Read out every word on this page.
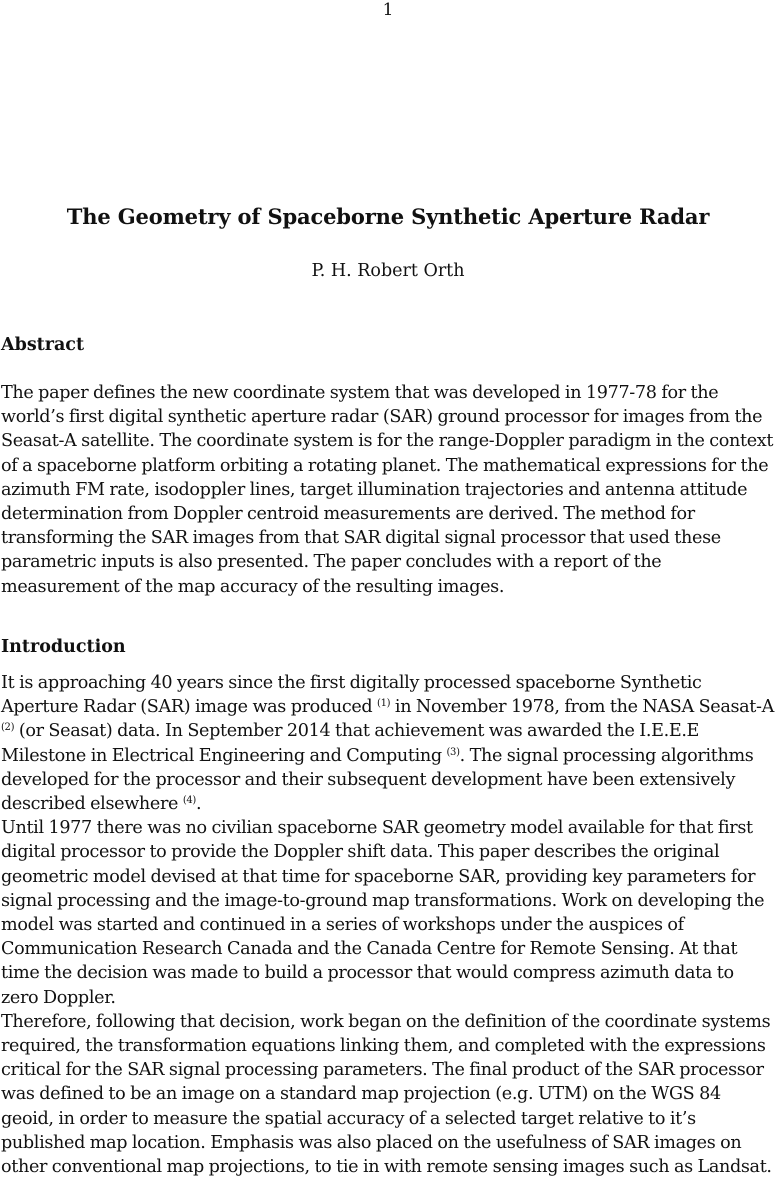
1
The Geometry of Spaceborne Synthetic Aperture Radar
P. H. Robert Orth
Abstract

The paper defines the new coordinate system that was developed in 1977-78 for the world’s first digital synthetic aperture radar (SAR) ground processor for images from the Seasat-A satellite. The coordinate system is for the range-Doppler paradigm in the context of a spaceborne platform orbiting a rotating planet. The mathematical expressions for the azimuth FM rate, isodoppler lines, target illumination trajectories and antenna attitude determination from Doppler centroid measurements are derived. The method for transforming the SAR images from that SAR digital signal processor that used these parametric inputs is also presented. The paper concludes with a report of the measurement of the map accuracy of the resulting images.

Introduction

It is approaching 40 years since the first digitally processed spaceborne Synthetic Aperture Radar (SAR) image was produced $^{(1)}$ in November 1978, from the NASA Seasat-A $^{(2)}$ (or Seasat) data. In September 2014 that achievement was awarded the I.E.E.E Milestone in Electrical Engineering and Computing $^{(3)}$. The signal processing algorithms developed for the processor and their subsequent development have been extensively described elsewhere $^{(4)}$.

Until 1977 there was no civilian spaceborne SAR geometry model available for that first digital processor to provide the Doppler shift data. This paper describes the original geometric model devised at that time for spaceborne SAR, providing key parameters for signal processing and the image-to-ground map transformations. Work on developing the model was started and continued in a series of workshops under the auspices of Communication Research Canada and the Canada Centre for Remote Sensing. At that time the decision was made to build a processor that would compress azimuth data to zero Doppler.

Therefore, following that decision, work began on the definition of the coordinate systems required, the transformation equations linking them, and completed with the expressions critical for the SAR signal processing parameters. The final product of the SAR processor was defined to be an image on a standard map projection (e.g. UTM) on the WGS 84 geoid, in order to measure the spatial accuracy of a selected target relative to it’s published map location. Emphasis was also placed on the usefulness of SAR images on other conventional map projections, to tie in with remote sensing images such as Landsat.
